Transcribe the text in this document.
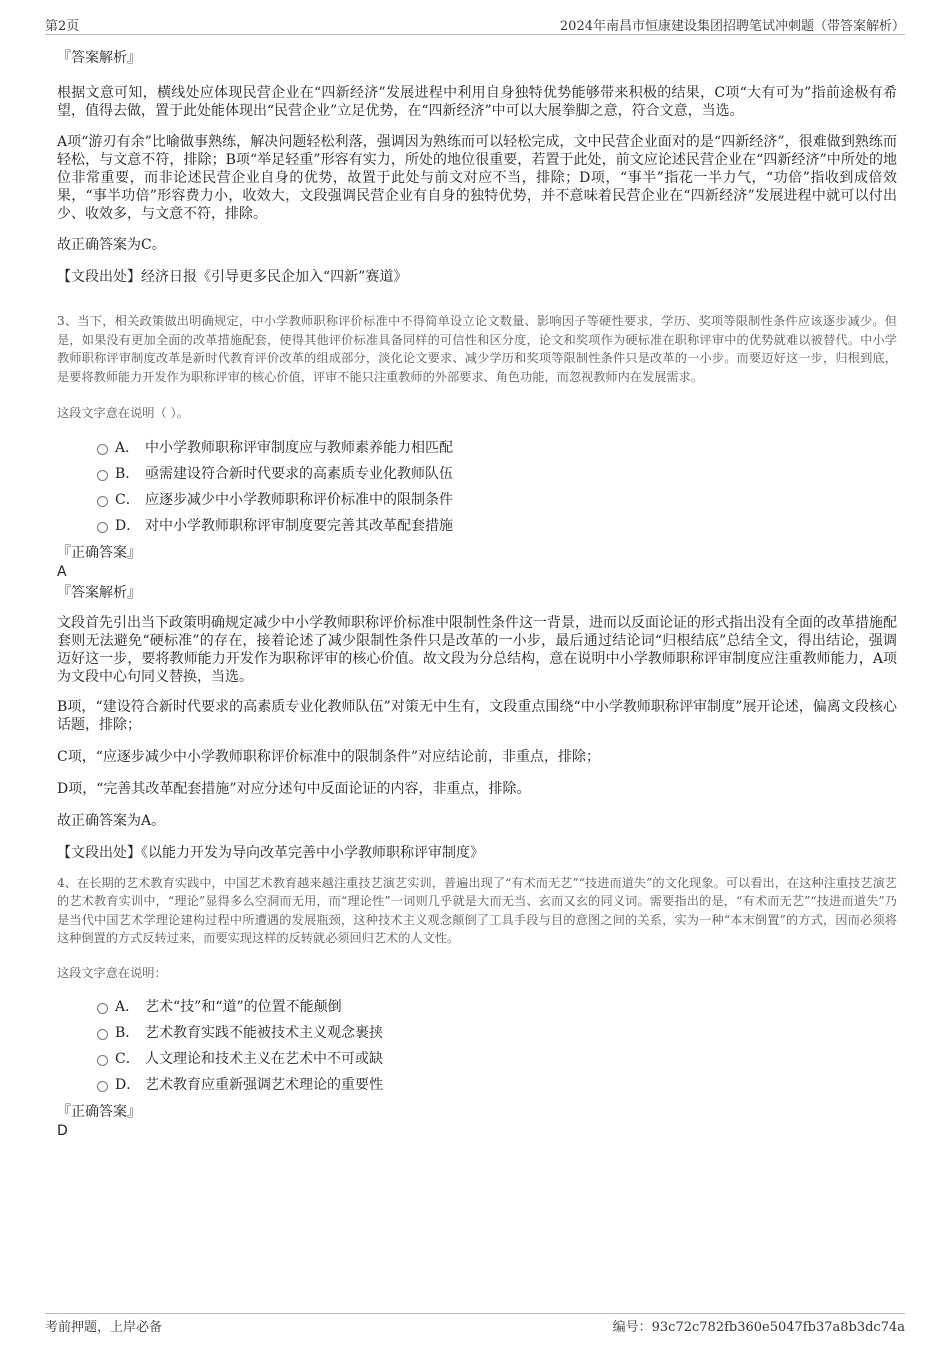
第2页	2024年南昌市恒康建设集团招聘笔试冲刺题（带答案解析）

『答案解析』

根据文意可知，横线处应体现民营企业在“四新经济”发展进程中利用自身独特优势能够带来积极的结果，C项“大有可为”指前途极有希望，值得去做，置于此处能体现出“民营企业”立足优势，在“四新经济”中可以大展拳脚之意，符合文意，当选。

A项“游刃有余”比喻做事熟练，解决问题轻松利落，强调因为熟练而可以轻松完成，文中民营企业面对的是“四新经济”，很难做到熟练而轻松，与文意不符，排除；B项“举足轻重”形容有实力，所处的地位很重要，若置于此处，前文应论述民营企业在“四新经济”中所处的地位非常重要，而非论述民营企业自身的优势，故置于此处与前文对应不当，排除；D项，“事半”指花一半力气，“功倍”指收到成倍效果，“事半功倍”形容费力小，收效大，文段强调民营企业有自身的独特优势，并不意味着民营企业在“四新经济”发展进程中就可以付出少、收效多，与文意不符，排除。

故正确答案为C。

【文段出处】经济日报《引导更多民企加入“四新”赛道》

3、当下，相关政策做出明确规定，中小学教师职称评价标准中不得简单设立论文数量、影响因子等硬性要求，学历、奖项等限制性条件应该逐步减少。但是，如果没有更加全面的改革措施配套，使得其他评价标准具备同样的可信性和区分度，论文和奖项作为硬标准在职称评审中的优势就难以被替代。中小学教师职称评审制度改革是新时代教育评价改革的组成部分，淡化论文要求、减少学历和奖项等限制性条件只是改革的一小步。而要迈好这一步，归根到底，是要将教师能力开发作为职称评审的核心价值，评审不能只注重教师的外部要求、角色功能，而忽视教师内在发展需求。

这段文字意在说明（ ）。

A． 中小学教师职称评审制度应与教师素养能力相匹配
B． 亟需建设符合新时代要求的高素质专业化教师队伍
C． 应逐步减少中小学教师职称评价标准中的限制条件
D． 对中小学教师职称评审制度要完善其改革配套措施

『正确答案』

A

『答案解析』

文段首先引出当下政策明确规定减少中小学教师职称评价标准中限制性条件这一背景，进而以反面论证的形式指出没有全面的改革措施配套则无法避免“硬标准”的存在，接着论述了减少限制性条件只是改革的一小步，最后通过结论词“归根结底”总结全文，得出结论，强调迈好这一步，要将教师能力开发作为职称评审的核心价值。故文段为分总结构，意在说明中小学教师职称评审制度应注重教师能力，A项为文段中心句同义替换，当选。

B项，“建设符合新时代要求的高素质专业化教师队伍”对策无中生有，文段重点围绕“中小学教师职称评审制度”展开论述，偏离文段核心话题，排除；

C项，“应逐步减少中小学教师职称评价标准中的限制条件”对应结论前，非重点，排除；

D项，“完善其改革配套措施”对应分述句中反面论证的内容，非重点，排除。

故正确答案为A。

【文段出处】《以能力开发为导向改革完善中小学教师职称评审制度》

4、在长期的艺术教育实践中，中国艺术教育越来越注重技艺演艺实训，普遍出现了“有术而无艺”“技进而道失”的文化现象。可以看出，在这种注重技艺演艺的艺术教育实训中，“理论”显得多么空洞而无用，而“理论性”一词则几乎就是大而无当、玄而又玄的同义词。需要指出的是，“有术而无艺”“技进而道失”乃是当代中国艺术学理论建构过程中所遭遇的发展瓶颈，这种技术主义观念颠倒了工具手段与目的意图之间的关系，实为一种“本末倒置”的方式，因而必须将这种倒置的方式反转过来，而要实现这样的反转就必须回归艺术的人文性。

这段文字意在说明：

A． 艺术“技”和“道”的位置不能颠倒
B． 艺术教育实践不能被技术主义观念裹挟
C． 人文理论和技术主义在艺术中不可或缺
D． 艺术教育应重新强调艺术理论的重要性

『正确答案』

D

考前押题，上岸必备	编号：93c72c782fb360e5047fb37a8b3dc74a
